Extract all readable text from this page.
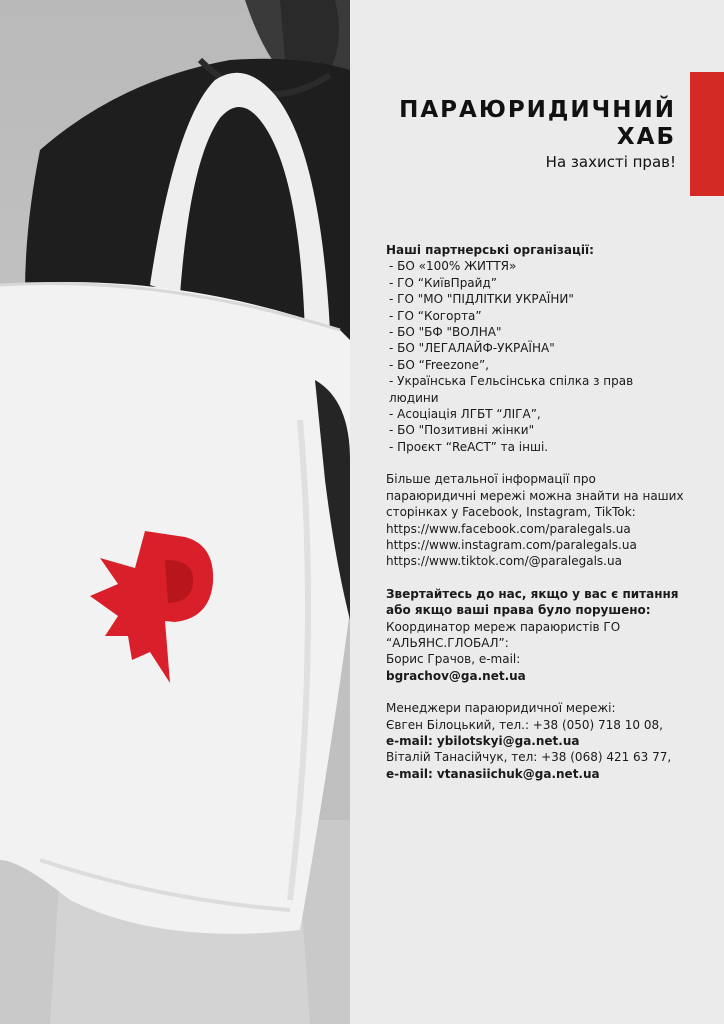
ПАРАЮРИДИЧНИЙ
ХАБ
На захисті прав!

Наші партнерські організації:

- БО «100% ЖИТТЯ»
- ГО “КиївПрайд”
- ГО "МО "ПІДЛІТКИ УКРАЇНИ"
- ГО “Когорта”
- БО "БФ "ВОЛНА"
- БО "ЛЕГАЛАЙФ-УКРАЇНА"
- БО “Freezone”,
- Українська Гельсінська спілка з прав людини
- Асоціація ЛГБТ “ЛІГА”,
- БО "Позитивні жінки"
- Проєкт “ReACT” та інші.

Більше детальної інформації про параюридичні мережі можна знайти на наших сторінках у Facebook, Instagram, TikTok:

https://www.facebook.com/paralegals.ua

https://www.instagram.com/paralegals.ua

https://www.tiktok.com/@paralegals.ua

Звертайтесь до нас, якщо у вас є питання або якщо ваші права було порушено:

Координатор мереж параюристів ГО “АЛЬЯНС.ГЛОБАЛ”:

Борис Грачов, e-mail:

bgrachov@ga.net.ua

Менеджери параюридичної мережі:

Євген Білоцький, тел.: +38 (050) 718 10 08,

e-mail: ybilotskyi@ga.net.ua

Віталій Танасійчук, тел: +38 (068) 421 63 77,

e-mail: vtanasiichuk@ga.net.ua
